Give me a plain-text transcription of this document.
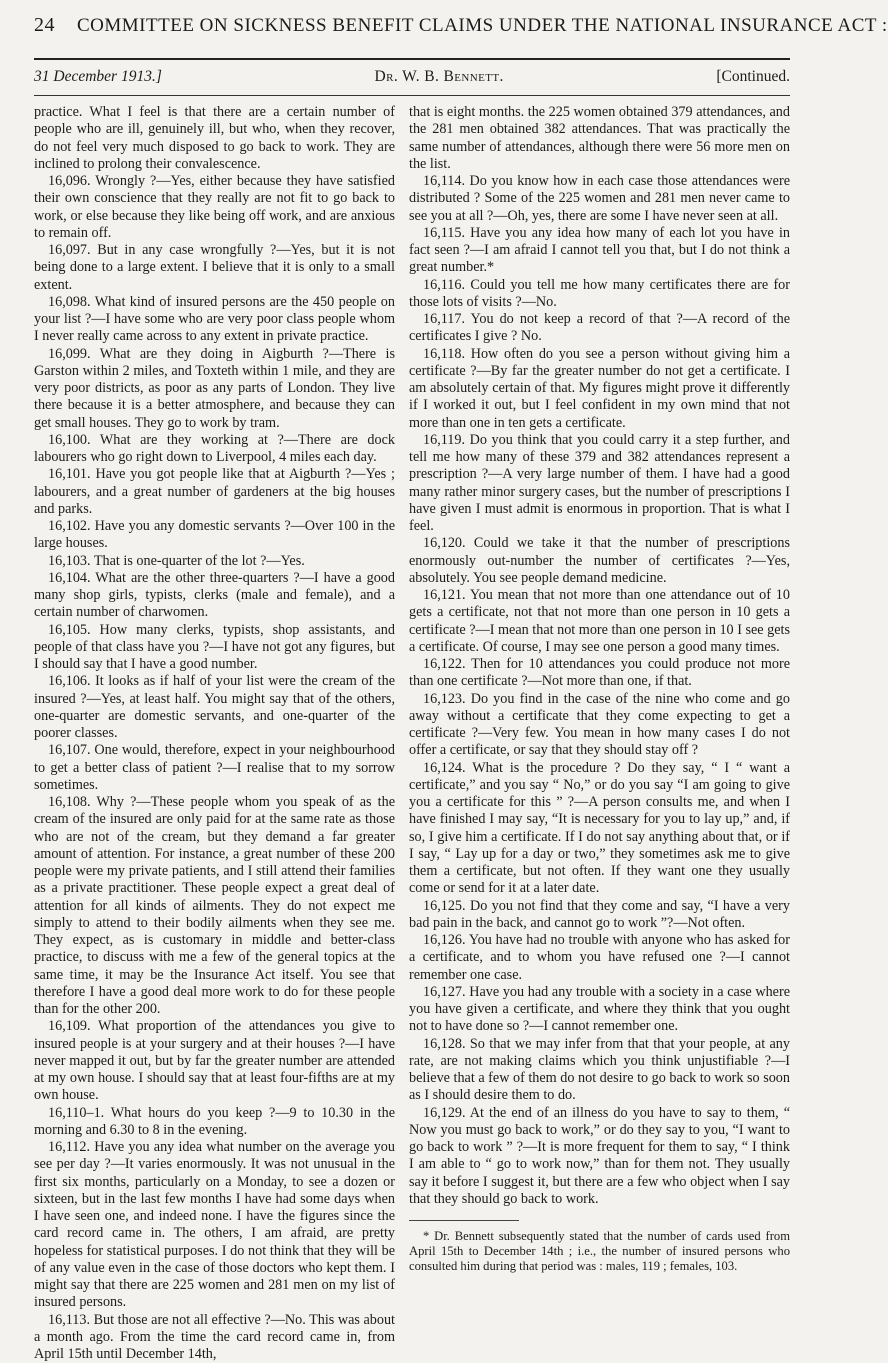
24 COMMITTEE ON SICKNESS BENEFIT CLAIMS UNDER THE NATIONAL INSURANCE ACT :
31 December 1913.]	Dr. W. B. Bennett.	[Continued.

practice. What I feel is that there are a certain number of people who are ill, genuinely ill, but who, when they recover, do not feel very much disposed to go back to work. They are inclined to prolong their convalescence.

16,096. Wrongly ?—Yes, either because they have satisfied their own conscience that they really are not fit to go back to work, or else because they like being off work, and are anxious to remain off.

16,097. But in any case wrongfully ?—Yes, but it is not being done to a large extent. I believe that it is only to a small extent.

16,098. What kind of insured persons are the 450 people on your list ?—I have some who are very poor class people whom I never really came across to any extent in private practice.

16,099. What are they doing in Aigburth ?—There is Garston within 2 miles, and Toxteth within 1 mile, and they are very poor districts, as poor as any parts of London. They live there because it is a better atmosphere, and because they can get small houses. They go to work by tram.

16,100. What are they working at ?—There are dock labourers who go right down to Liverpool, 4 miles each day.

16,101. Have you got people like that at Aigburth ?—Yes ; labourers, and a great number of gardeners at the big houses and parks.

16,102. Have you any domestic servants ?—Over 100 in the large houses.

16,103. That is one-quarter of the lot ?—Yes.

16,104. What are the other three-quarters ?—I have a good many shop girls, typists, clerks (male and female), and a certain number of charwomen.

16,105. How many clerks, typists, shop assistants, and people of that class have you ?—I have not got any figures, but I should say that I have a good number.

16,106. It looks as if half of your list were the cream of the insured ?—Yes, at least half. You might say that of the others, one-quarter are domestic servants, and one-quarter of the poorer classes.

16,107. One would, therefore, expect in your neighbourhood to get a better class of patient ?—I realise that to my sorrow sometimes.

16,108. Why ?—These people whom you speak of as the cream of the insured are only paid for at the same rate as those who are not of the cream, but they demand a far greater amount of attention. For instance, a great number of these 200 people were my private patients, and I still attend their families as a private practitioner. These people expect a great deal of attention for all kinds of ailments. They do not expect me simply to attend to their bodily ailments when they see me. They expect, as is customary in middle and better-class practice, to discuss with me a few of the general topics at the same time, it may be the Insurance Act itself. You see that therefore I have a good deal more work to do for these people than for the other 200.

16,109. What proportion of the attendances you give to insured people is at your surgery and at their houses ?—I have never mapped it out, but by far the greater number are attended at my own house. I should say that at least four-fifths are at my own house.

16,110–1. What hours do you keep ?—9 to 10.30 in the morning and 6.30 to 8 in the evening.

16,112. Have you any idea what number on the average you see per day ?—It varies enormously. It was not unusual in the first six months, particularly on a Monday, to see a dozen or sixteen, but in the last few months I have had some days when I have seen one, and indeed none. I have the figures since the card record came in. The others, I am afraid, are pretty hopeless for statistical purposes. I do not think that they will be of any value even in the case of those doctors who kept them. I might say that there are 225 women and 281 men on my list of insured persons.

16,113. But those are not all effective ?—No. This was about a month ago. From the time the card record came in, from April 15th until December 14th,

that is eight months. the 225 women obtained 379 attendances, and the 281 men obtained 382 attendances. That was practically the same number of attendances, although there were 56 more men on the list.

16,114. Do you know how in each case those attendances were distributed ? Some of the 225 women and 281 men never came to see you at all ?—Oh, yes, there are some I have never seen at all.

16,115. Have you any idea how many of each lot you have in fact seen ?—I am afraid I cannot tell you that, but I do not think a great number.*

16,116. Could you tell me how many certificates there are for those lots of visits ?—No.

16,117. You do not keep a record of that ?—A record of the certificates I give ? No.

16,118. How often do you see a person without giving him a certificate ?—By far the greater number do not get a certificate. I am absolutely certain of that. My figures might prove it differently if I worked it out, but I feel confident in my own mind that not more than one in ten gets a certificate.

16,119. Do you think that you could carry it a step further, and tell me how many of these 379 and 382 attendances represent a prescription ?—A very large number of them. I have had a good many rather minor surgery cases, but the number of prescriptions I have given I must admit is enormous in proportion. That is what I feel.

16,120. Could we take it that the number of prescriptions enormously out-number the number of certificates ?—Yes, absolutely. You see people demand medicine.

16,121. You mean that not more than one attendance out of 10 gets a certificate, not that not more than one person in 10 gets a certificate ?—I mean that not more than one person in 10 I see gets a certificate. Of course, I may see one person a good many times.

16,122. Then for 10 attendances you could produce not more than one certificate ?—Not more than one, if that.

16,123. Do you find in the case of the nine who come and go away without a certificate that they come expecting to get a certificate ?—Very few. You mean in how many cases I do not offer a certificate, or say that they should stay off ?

16,124. What is the procedure ? Do they say, “ I “ want a certificate,” and you say “ No,” or do you say “I am going to give you a certificate for this ” ?—A person consults me, and when I have finished I may say, “It is necessary for you to lay up,” and, if so, I give him a certificate. If I do not say anything about that, or if I say, “ Lay up for a day or two,” they sometimes ask me to give them a certificate, but not often. If they want one they usually come or send for it at a later date.

16,125. Do you not find that they come and say, “I have a very bad pain in the back, and cannot go to work ”?—Not often.

16,126. You have had no trouble with anyone who has asked for a certificate, and to whom you have refused one ?—I cannot remember one case.

16,127. Have you had any trouble with a society in a case where you have given a certificate, and where they think that you ought not to have done so ?—I cannot remember one.

16,128. So that we may infer from that that your people, at any rate, are not making claims which you think unjustifiable ?—I believe that a few of them do not desire to go back to work so soon as I should desire them to do.

16,129. At the end of an illness do you have to say to them, “ Now you must go back to work,” or do they say to you, “I want to go back to work ” ?—It is more frequent for them to say, “ I think I am able to “ go to work now,” than for them not. They usually say it before I suggest it, but there are a few who object when I say that they should go back to work.

* Dr. Bennett subsequently stated that the number of cards used from April 15th to December 14th ; i.e., the number of insured persons who consulted him during that period was : males, 119 ; females, 103.
